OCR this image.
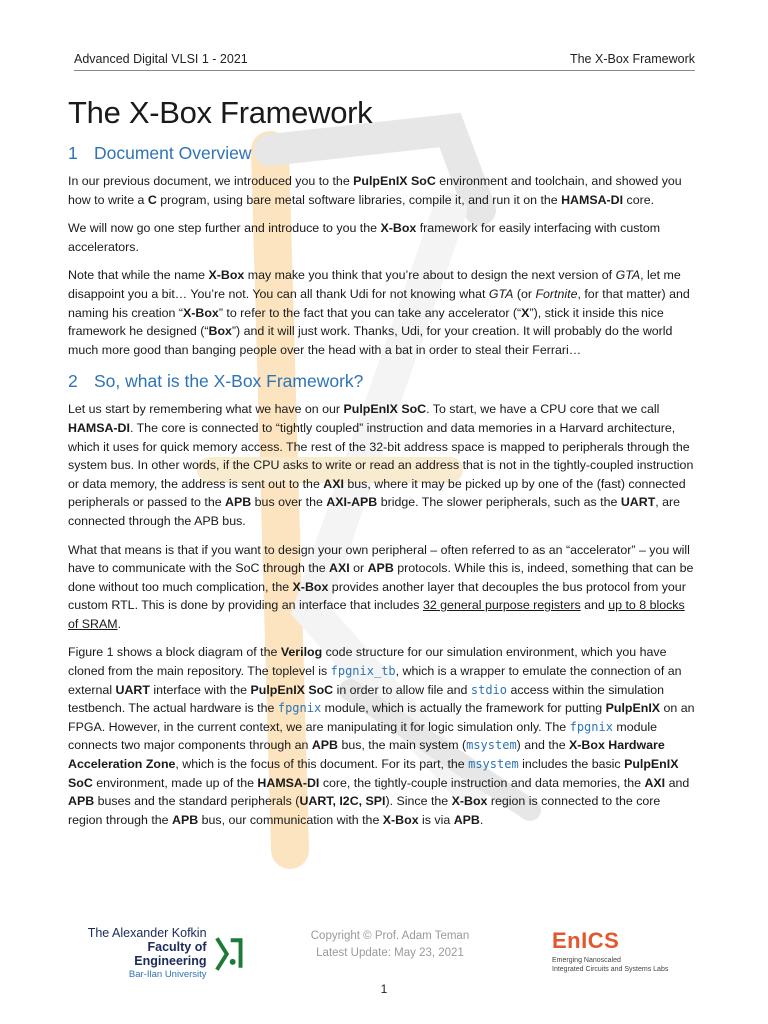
Advanced Digital VLSI 1 - 2021	The X-Box Framework
The X-Box Framework
1 Document Overview

In our previous document, we introduced you to the PulpEnIX SoC environment and toolchain, and showed you how to write a C program, using bare metal software libraries, compile it, and run it on the HAMSA-DI core.

We will now go one step further and introduce to you the X-Box framework for easily interfacing with custom accelerators.

Note that while the name X-Box may make you think that you’re about to design the next version of GTA, let me disappoint you a bit… You’re not. You can all thank Udi for not knowing what GTA (or Fortnite, for that matter) and naming his creation “X-Box” to refer to the fact that you can take any accelerator (“X”), stick it inside this nice framework he designed (“Box”) and it will just work. Thanks, Udi, for your creation. It will probably do the world much more good than banging people over the head with a bat in order to steal their Ferrari…

2 So, what is the X-Box Framework?

Let us start by remembering what we have on our PulpEnIX SoC. To start, we have a CPU core that we call HAMSA-DI. The core is connected to “tightly coupled” instruction and data memories in a Harvard architecture, which it uses for quick memory access. The rest of the 32-bit address space is mapped to peripherals through the system bus. In other words, if the CPU asks to write or read an address that is not in the tightly-coupled instruction or data memory, the address is sent out to the AXI bus, where it may be picked up by one of the (fast) connected peripherals or passed to the APB bus over the AXI-APB bridge. The slower peripherals, such as the UART, are connected through the APB bus.

What that means is that if you want to design your own peripheral – often referred to as an “accelerator” – you will have to communicate with the SoC through the AXI or APB protocols. While this is, indeed, something that can be done without too much complication, the X-Box provides another layer that decouples the bus protocol from your custom RTL. This is done by providing an interface that includes 32 general purpose registers and up to 8 blocks of SRAM.

Figure 1 shows a block diagram of the Verilog code structure for our simulation environment, which you have cloned from the main repository. The toplevel is fpgnix_tb, which is a wrapper to emulate the connection of an external UART interface with the PulpEnIX SoC in order to allow file and stdio access within the simulation testbench. The actual hardware is the fpgnix module, which is actually the framework for putting PulpEnIX on an FPGA. However, in the current context, we are manipulating it for logic simulation only. The fpgnix module connects two major components through an APB bus, the main system (msystem) and the X-Box Hardware Acceleration Zone, which is the focus of this document. For its part, the msystem includes the basic PulpEnIX SoC environment, made up of the HAMSA-DI core, the tightly-couple instruction and data memories, the AXI and APB buses and the standard peripherals (UART, I2C, SPI). Since the X-Box region is connected to the core region through the APB bus, our communication with the X-Box is via APB.

The Alexander Kofkin
Faculty of Engineering
Bar-Ilan University
Copyright © Prof. Adam Teman
Latest Update: May 23, 2021	EnICS
Emerging Nanoscaled
Integrated Circuits and Systems Labs
1
